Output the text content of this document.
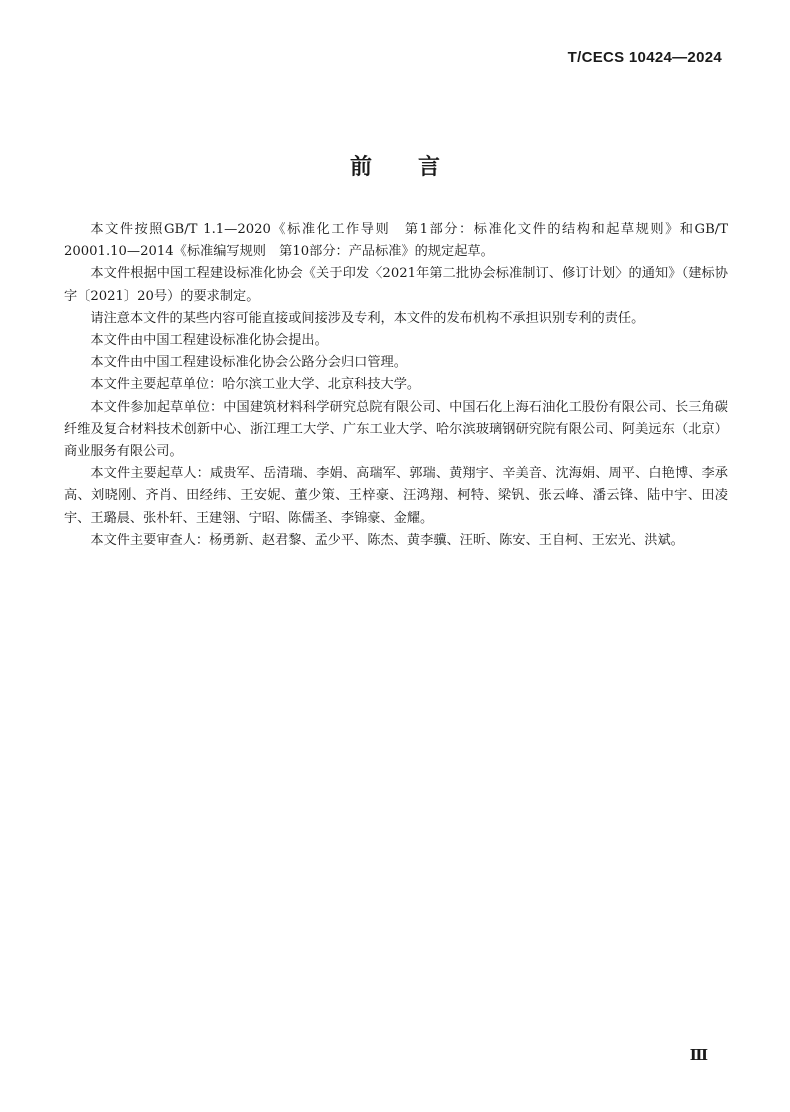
T/CECS 10424—2024
前言

本文件按照GB/T 1.1—2020《标准化工作导则　第1部分：标准化文件的结构和起草规则》和GB/T 20001.10—2014《标准编写规则　第10部分：产品标准》的规定起草。

本文件根据中国工程建设标准化协会《关于印发〈2021年第二批协会标准制订、修订计划〉的通知》（建标协字〔2021〕20号）的要求制定。

请注意本文件的某些内容可能直接或间接涉及专利，本文件的发布机构不承担识别专利的责任。

本文件由中国工程建设标准化协会提出。

本文件由中国工程建设标准化协会公路分会归口管理。

本文件主要起草单位：哈尔滨工业大学、北京科技大学。

本文件参加起草单位：中国建筑材料科学研究总院有限公司、中国石化上海石油化工股份有限公司、长三角碳纤维及复合材料技术创新中心、浙江理工大学、广东工业大学、哈尔滨玻璃钢研究院有限公司、阿美远东（北京）商业服务有限公司。

本文件主要起草人：咸贵军、岳清瑞、李娟、高瑞军、郭瑞、黄翔宇、辛美音、沈海娟、周平、白艳博、李承高、刘晓刚、齐肖、田经纬、王安妮、董少策、王梓豪、汪鸿翔、柯特、梁钒、张云峰、潘云锋、陆中宇、田凌宇、王璐晨、张朴轩、王建翎、宁昭、陈儒圣、李锦豪、金耀。

本文件主要审查人：杨勇新、赵君黎、孟少平、陈杰、黄李骥、汪昕、陈安、王自柯、王宏光、洪斌。

Ⅲ
